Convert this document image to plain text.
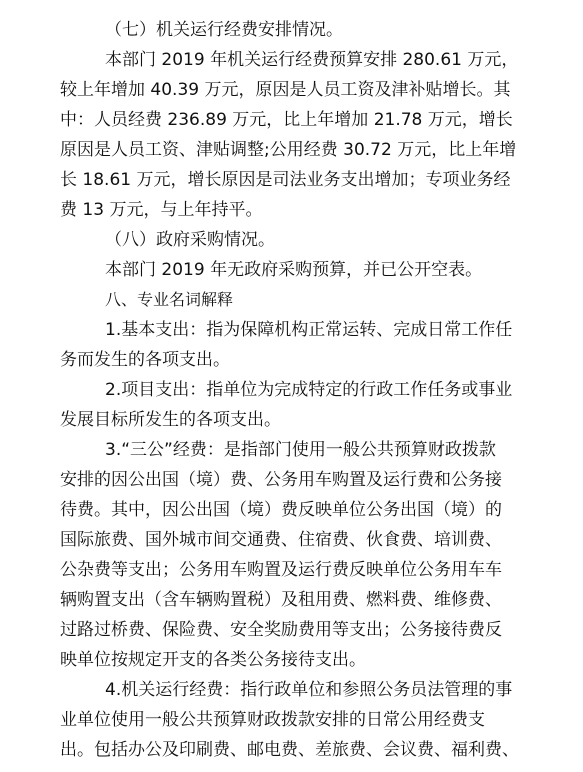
（七）机关运行经费安排情况。
本部门 2019 年机关运行经费预算安排 280.61 万元，
较上年增加 40.39 万元，原因是人员工资及津补贴增长。其
中：人员经费 236.89 万元，比上年增加 21.78 万元，增长
原因是人员工资、津贴调整;公用经费 30.72 万元，比上年增
长 18.61 万元，增长原因是司法业务支出增加；专项业务经
费 13 万元，与上年持平。
（八）政府采购情况。
本部门 2019 年无政府采购预算，并已公开空表。
八、专业名词解释
1.基本支出：指为保障机构正常运转、完成日常工作任
务而发生的各项支出。
2.项目支出：指单位为完成特定的行政工作任务或事业
发展目标所发生的各项支出。
3.“三公”经费：是指部门使用一般公共预算财政拨款
安排的因公出国（境）费、公务用车购置及运行费和公务接
待费。其中，因公出国（境）费反映单位公务出国（境）的
国际旅费、国外城市间交通费、住宿费、伙食费、培训费、
公杂费等支出；公务用车购置及运行费反映单位公务用车车
辆购置支出（含车辆购置税）及租用费、燃料费、维修费、
过路过桥费、保险费、安全奖励费用等支出；公务接待费反
映单位按规定开支的各类公务接待支出。
4.机关运行经费：指行政单位和参照公务员法管理的事
业单位使用一般公共预算财政拨款安排的日常公用经费支
出。包括办公及印刷费、邮电费、差旅费、会议费、福利费、
